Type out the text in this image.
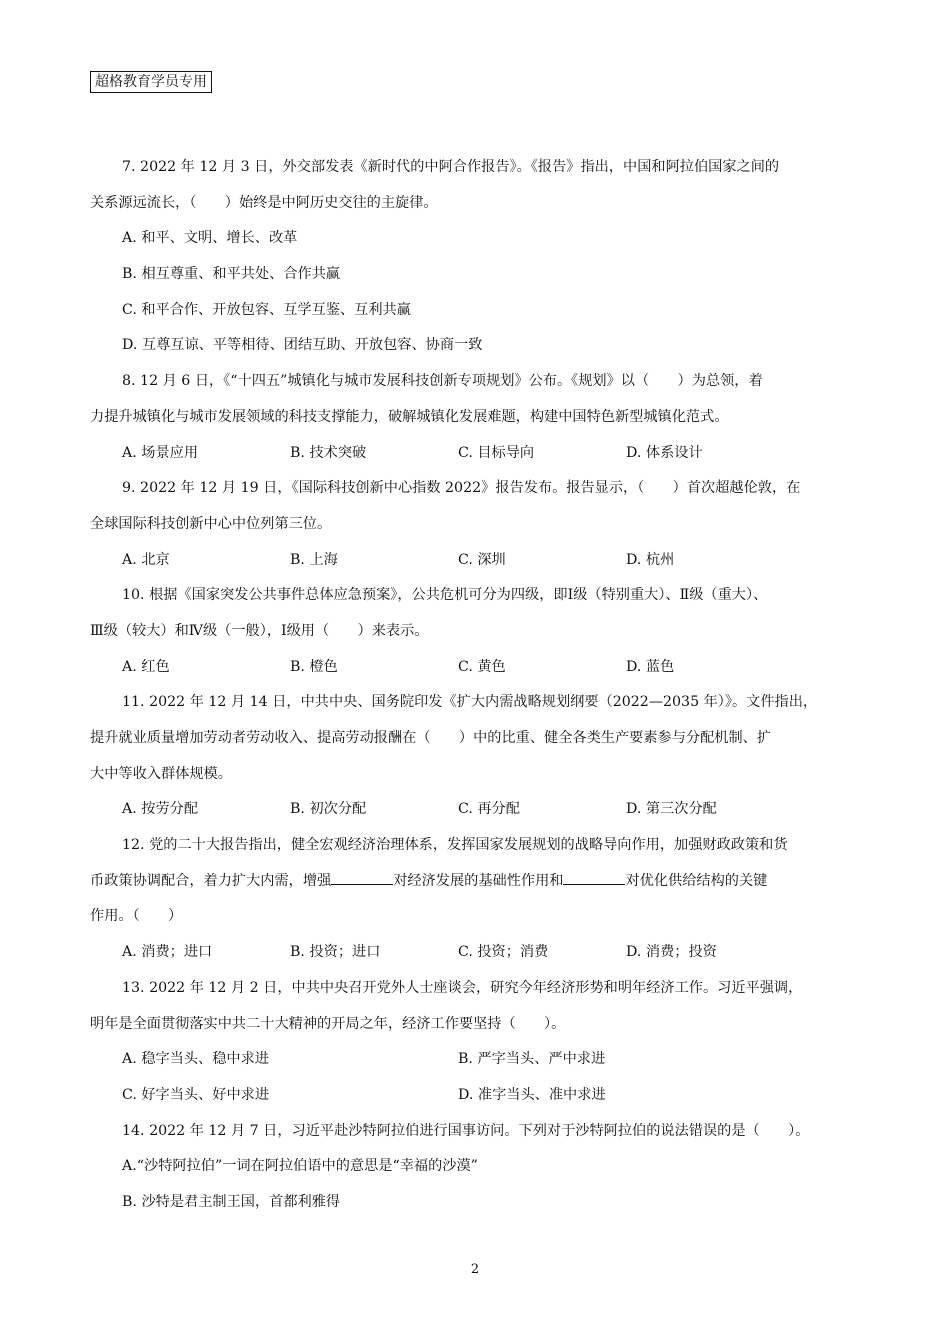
超格教育学员专用
7. 2022 年 12 月 3 日，外交部发表《新时代的中阿合作报告》。《报告》指出，中国和阿拉伯国家之间的
关系源远流长，（　　）始终是中阿历史交往的主旋律。
A. 和平、文明、增长、改革
B. 相互尊重、和平共处、合作共赢
C. 和平合作、开放包容、互学互鉴、互利共赢
D. 互尊互谅、平等相待、团结互助、开放包容、协商一致
8. 12 月 6 日，《“十四五”城镇化与城市发展科技创新专项规划》公布。《规划》以（　　）为总领，着
力提升城镇化与城市发展领域的科技支撑能力，破解城镇化发展难题，构建中国特色新型城镇化范式。
A. 场景应用	B. 技术突破	C. 目标导向	D. 体系设计
9. 2022 年 12 月 19 日，《国际科技创新中心指数 2022》报告发布。报告显示，（　　）首次超越伦敦，在
全球国际科技创新中心中位列第三位。
A. 北京	B. 上海	C. 深圳	D. 杭州
10. 根据《国家突发公共事件总体应急预案》，公共危机可分为四级，即Ⅰ级（特别重大）、Ⅱ级（重大）、
Ⅲ级（较大）和Ⅳ级（一般），Ⅰ级用（　　）来表示。
A. 红色	B. 橙色	C. 黄色	D. 蓝色
11. 2022 年 12 月 14 日，中共中央、国务院印发《扩大内需战略规划纲要（2022—2035 年）》。文件指出，
提升就业质量增加劳动者劳动收入、提高劳动报酬在（　　）中的比重、健全各类生产要素参与分配机制、扩
大中等收入群体规模。
A. 按劳分配	B. 初次分配	C. 再分配	D. 第三次分配
12. 党的二十大报告指出，健全宏观经济治理体系，发挥国家发展规划的战略导向作用，加强财政政策和货
币政策协调配合，着力扩大内需，增强	对经济发展的基础性作用和	对优化供给结构的关键
作用。（　　）
A. 消费；进口	B. 投资；进口	C. 投资；消费	D. 消费；投资
13. 2022 年 12 月 2 日，中共中央召开党外人士座谈会，研究今年经济形势和明年经济工作。习近平强调，
明年是全面贯彻落实中共二十大精神的开局之年，经济工作要坚持（　　）。
A. 稳字当头、稳中求进	B. 严字当头、严中求进
C. 好字当头、好中求进	D. 准字当头、准中求进
14. 2022 年 12 月 7 日，习近平赴沙特阿拉伯进行国事访问。下列对于沙特阿拉伯的说法错误的是（　　）。
A.“沙特阿拉伯”一词在阿拉伯语中的意思是“幸福的沙漠”
B. 沙特是君主制王国，首都利雅得
2
